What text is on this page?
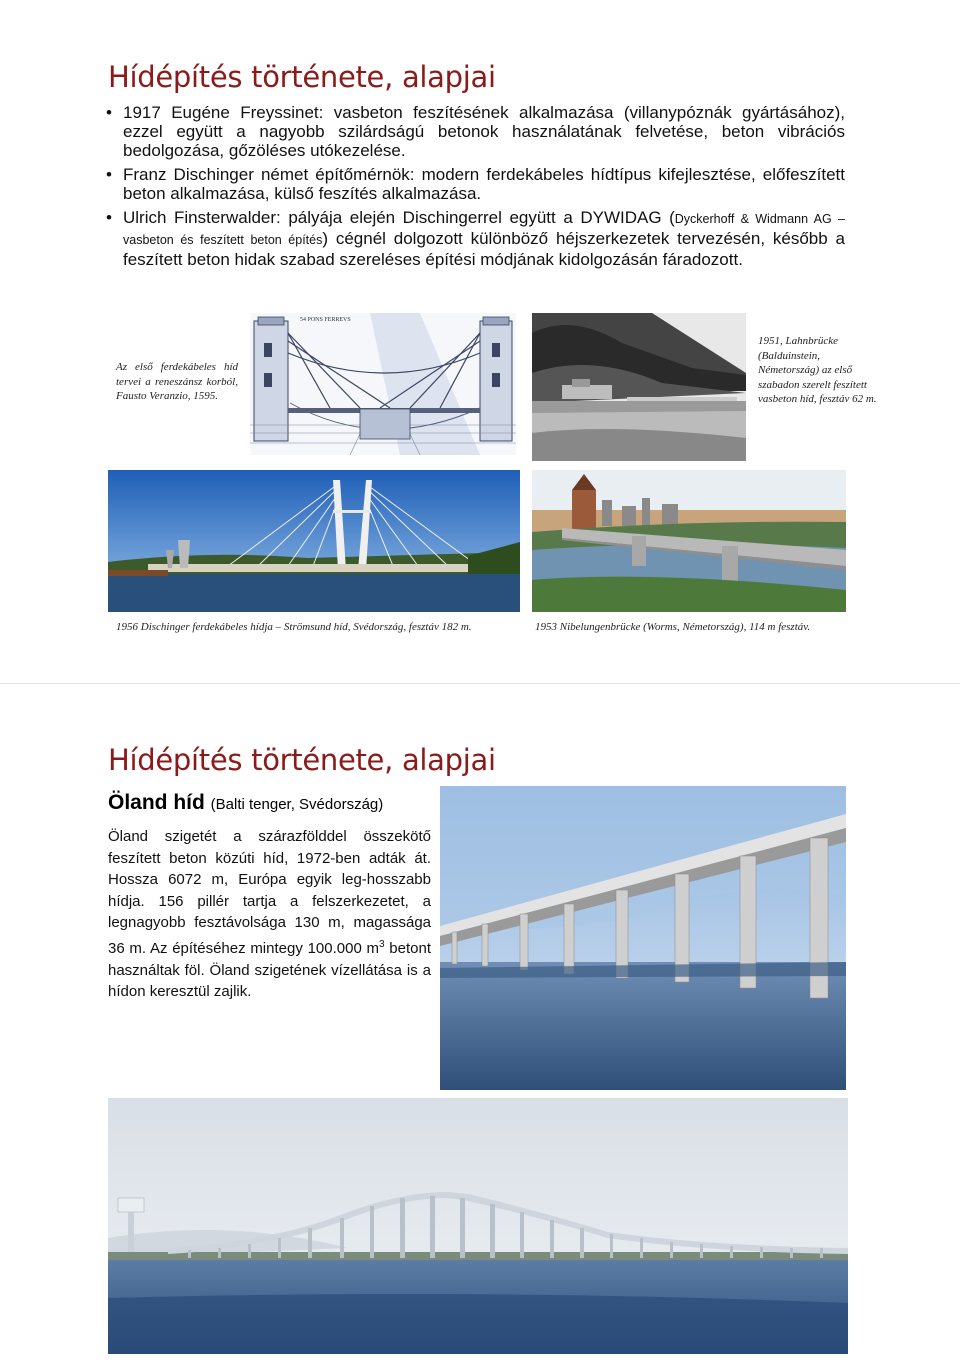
Hídépítés története, alapjai
• 1917 Eugéne Freyssinet: vasbeton feszítésének alkalmazása (villanypóznák gyártásához), ezzel együtt a nagyobb szilárdságú betonok használatának felvetése, beton vibrációs bedolgozása, gőzöléses utókezelése.
• Franz Dischinger német építőmérnök: modern ferdekábeles hídtípus kifejlesztése, előfeszített beton alkalmazása, külső feszítés alkalmazása.
• Ulrich Finsterwalder: pályája elején Dischingerrel együtt a DYWIDAG (Dyckerhoff & Widmann AG – vasbeton és feszített beton építés) cégnél dolgozott különböző héjszerkezetek tervezésén, később a feszített beton hidak szabad szereléses építési módjának kidolgozásán fáradozott.
Az első ferdekábeles híd tervei a reneszánsz korból, Fausto Veranzio, 1595.
54 PONS FERREVS
1951, Lahnbrücke (Balduinstein, Németország) az első szabadon szerelt feszített vasbeton híd, fesztáv 62 m.
1956 Dischinger ferdekábeles hídja – Strömsund híd, Svédország, fesztáv 182 m.	1953 Nibelungenbrücke (Worms, Németország), 114 m fesztáv.
Hídépítés története, alapjai
Öland híd (Balti tenger, Svédország)
Öland szigetét a szárazfölddel összekötő feszített beton közúti híd, 1972-ben adták át. Hossza 6072 m, Európa egyik leg-hosszabb hídja. 156 pillér tartja a felszerkezetet, a legnagyobb fesztávolsága 130 m, magassága 36 m. Az építéséhez mintegy 100.000 $m^3$ betont használtak föl. Öland szigetének vízellátása is a hídon keresztül zajlik.
